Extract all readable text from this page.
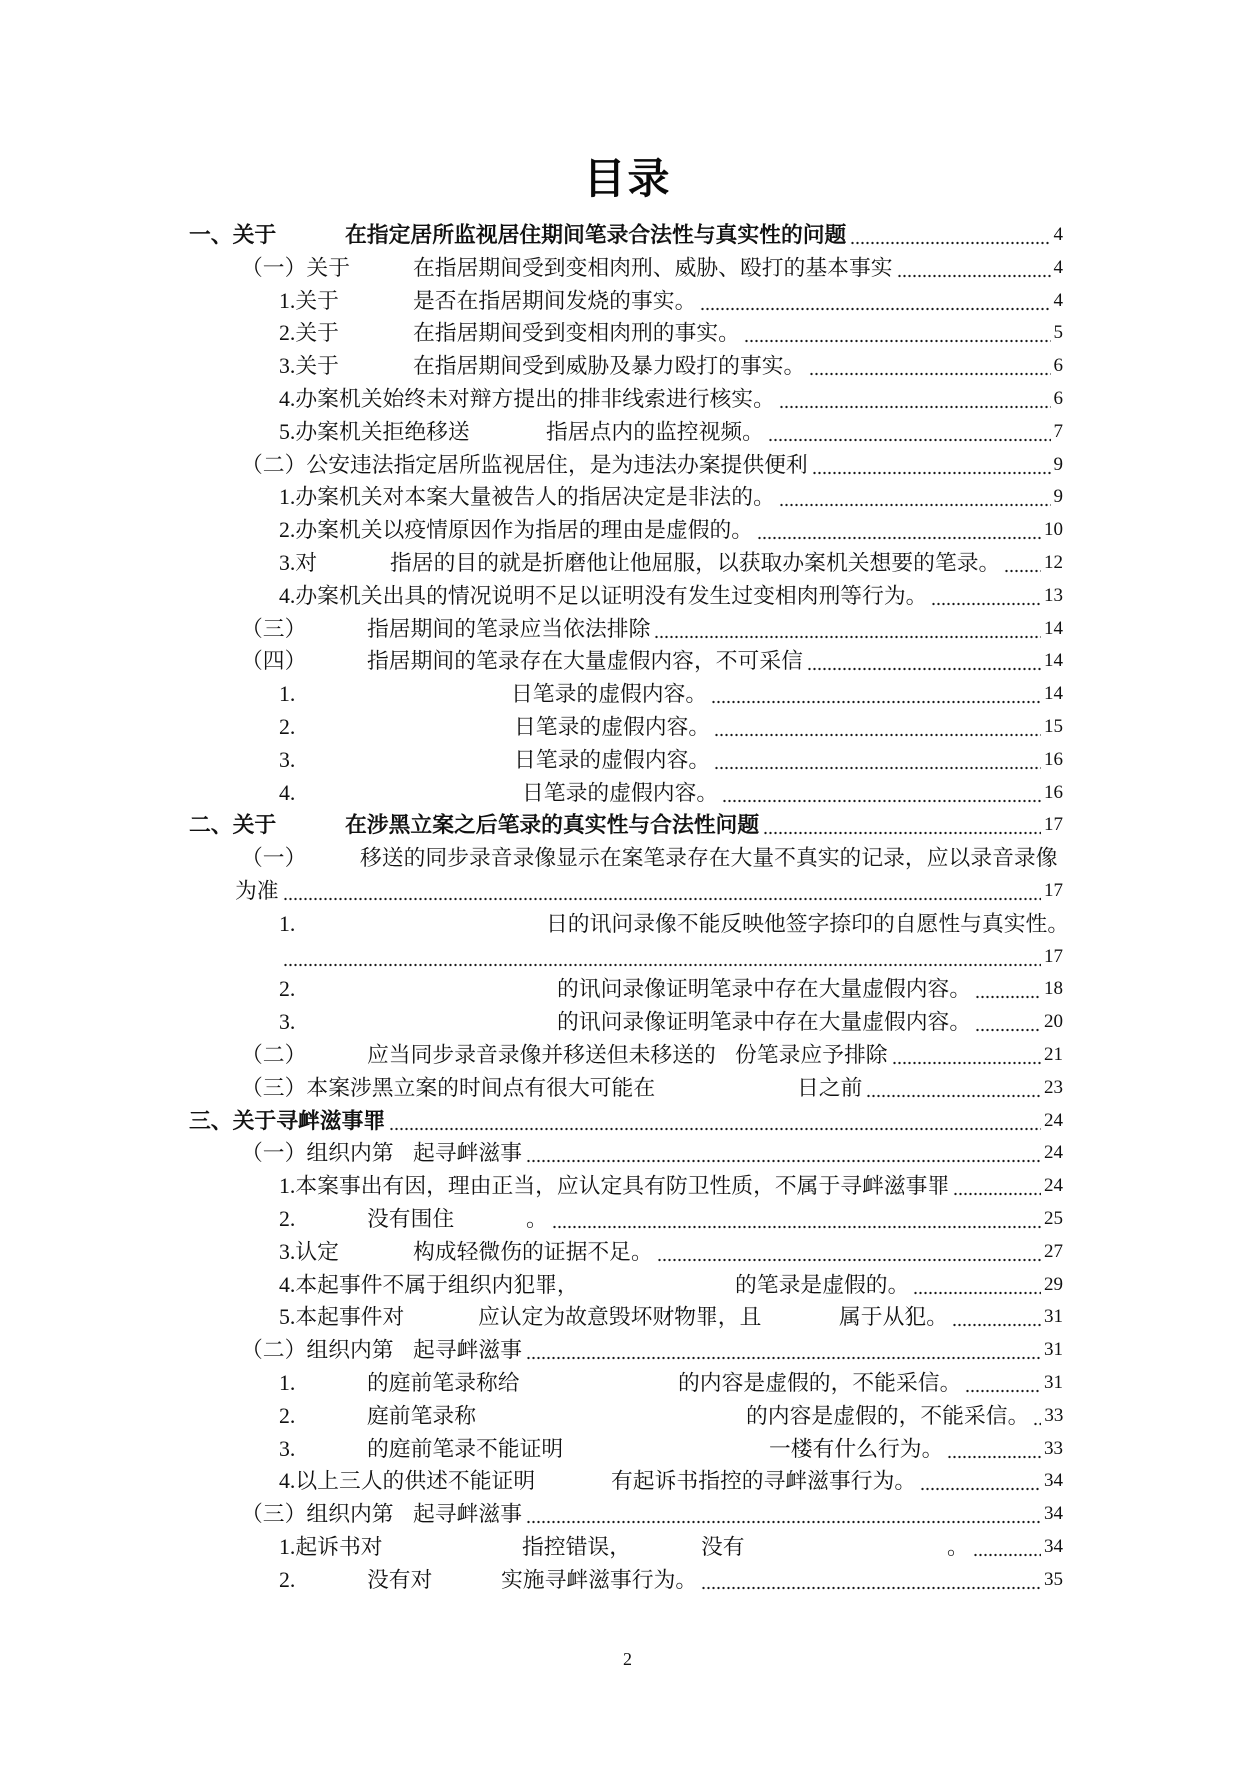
目录
一、关于	在指定居所监视居住期间笔录合法性与真实性的问题	4
（一）关于	在指居期间受到变相肉刑、威胁、殴打的基本事实	4
1.关于	是否在指居期间发烧的事实。	4
2.关于	在指居期间受到变相肉刑的事实。	5
3.关于	在指居期间受到威胁及暴力殴打的事实。	6
4.办案机关始终未对辩方提出的排非线索进行核实。	6
5.办案机关拒绝移送	指居点内的监控视频。	7
（二）公安违法指定居所监视居住，是为违法办案提供便利	9
1.办案机关对本案大量被告人的指居决定是非法的。	9
2.办案机关以疫情原因作为指居的理由是虚假的。	10
3.对	指居的目的就是折磨他让他屈服，以获取办案机关想要的笔录。 12
4.办案机关出具的情况说明不足以证明没有发生过变相肉刑等行为。	13
（三）	指居期间的笔录应当依法排除	14
（四）	指居期间的笔录存在大量虚假内容，不可采信	14
1.	日笔录的虚假内容。	14
2.	日笔录的虚假内容。	15
3.	日笔录的虚假内容。	16
4.	日笔录的虚假内容。	16
二、关于	在涉黑立案之后笔录的真实性与合法性问题	17
（一） 移送的同步录音录像显示在案笔录存在大量不真实的记录，应以录音录像
为准	17
1.	日的讯问录像不能反映他签字捺印的自愿性与真实性。
17
2.	的讯问录像证明笔录中存在大量虚假内容。	18
3.	的讯问录像证明笔录中存在大量虚假内容。	20
（二）	应当同步录音录像并移送但未移送的 份笔录应予排除	21
（三）本案涉黑立案的时间点有很大可能在	日之前	23
三、关于寻衅滋事罪	24
（一）组织内第 起寻衅滋事	24
1.本案事出有因，理由正当，应认定具有防卫性质，不属于寻衅滋事罪	24
2.	没有围住	。	25
3.认定	构成轻微伤的证据不足。	27
4.本起事件不属于组织内犯罪，	的笔录是虚假的。	29
5.本起事件对	应认定为故意毁坏财物罪，且	属于从犯。	31
（二）组织内第 起寻衅滋事	31
1.	的庭前笔录称给	的内容是虚假的，不能采信。	31
2.	庭前笔录称	的内容是虚假的，不能采信。 33
3.	的庭前笔录不能证明	一楼有什么行为。	33
4.以上三人的供述不能证明	有起诉书指控的寻衅滋事行为。	34
（三）组织内第 起寻衅滋事	34
1.起诉书对	指控错误，	没有	。	34
2.	没有对	实施寻衅滋事行为。	35
2
